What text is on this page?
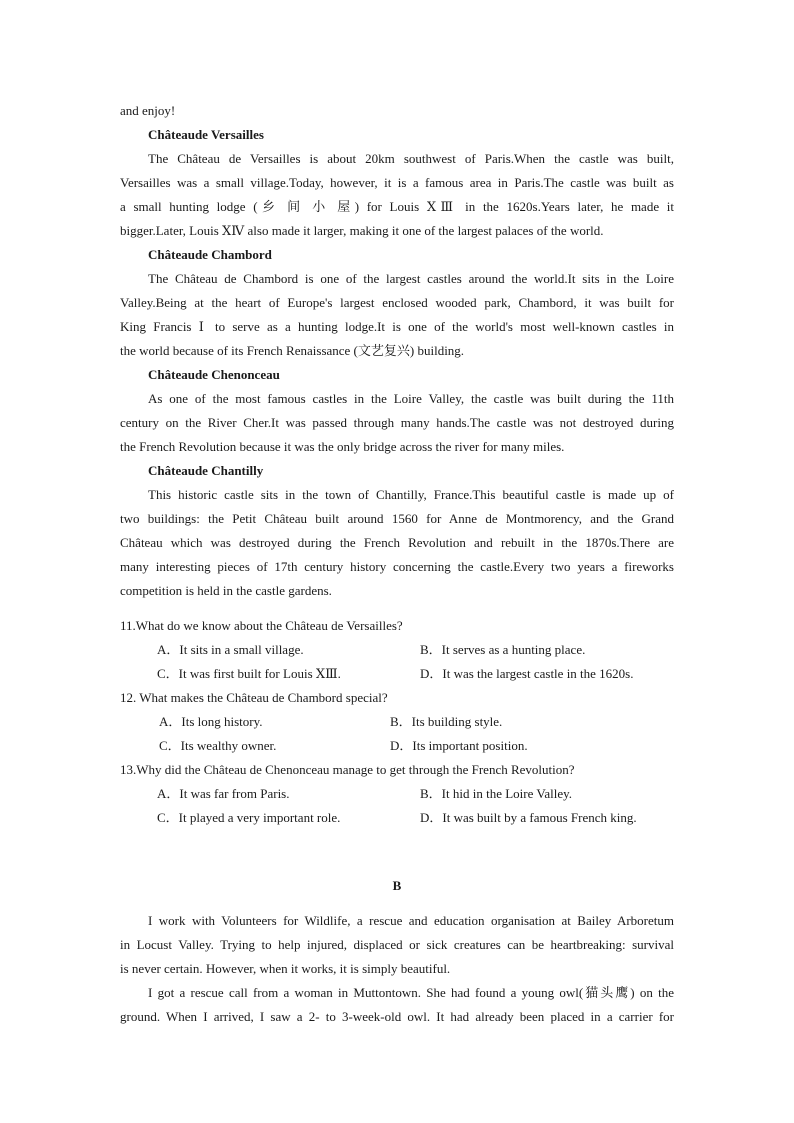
and enjoy!
Châteaude Versailles
The Château de Versailles is about 20km southwest of Paris.When the castle was built,
Versailles was a small village.Today, however, it is a famous area in Paris.The castle was built as
a small hunting lodge (乡 间 小 屋) for Louis ⅩⅢ in the 1620s.Years later, he made it
bigger.Later, Louis ⅩⅣ also made it larger, making it one of the largest palaces of the world.
Châteaude Chambord
The Château de Chambord is one of the largest castles around the world.It sits in the Loire
Valley.Being at the heart of Europe's largest enclosed wooded park, Chambord, it was built for
King Francis Ⅰ to serve as a hunting lodge.It is one of the world's most well-known castles in
the world because of its French Renaissance (文艺复兴) building.
Châteaude Chenonceau
As one of the most famous castles in the Loire Valley, the castle was built during the 11th
century on the River Cher.It was passed through many hands.The castle was not destroyed during
the French Revolution because it was the only bridge across the river for many miles.
Châteaude Chantilly
This historic castle sits in the town of Chantilly, France.This beautiful castle is made up of
two buildings: the Petit Château built around 1560 for Anne de Montmorency, and the Grand
Château which was destroyed during the French Revolution and rebuilt in the 1870s.There are
many interesting pieces of 17th century history concerning the castle.Every two years a fireworks
competition is held in the castle gardens.
11.What do we know about the Château de Versailles?
A．It sits in a small village.	B．It serves as a hunting place.
C．It was first built for Louis ⅩⅢ.	D．It was the largest castle in the 1620s.
12. What makes the Château de Chambord special?
A．Its long history.	B．Its building style.
C．Its wealthy owner.	D．Its important position.
13.Why did the Château de Chenonceau manage to get through the French Revolution?
A．It was far from Paris.	B．It hid in the Loire Valley.
C．It played a very important role.	D．It was built by a famous French king.
B
I work with Volunteers for Wildlife, a rescue and education organisation at Bailey Arboretum
in Locust Valley. Trying to help injured, displaced or sick creatures can be heartbreaking: survival
is never certain. However, when it works, it is simply beautiful.
I got a rescue call from a woman in Muttontown. She had found a young owl(猫头鹰) on the
ground. When I arrived, I saw a 2- to 3-week-old owl. It had already been placed in a carrier for
